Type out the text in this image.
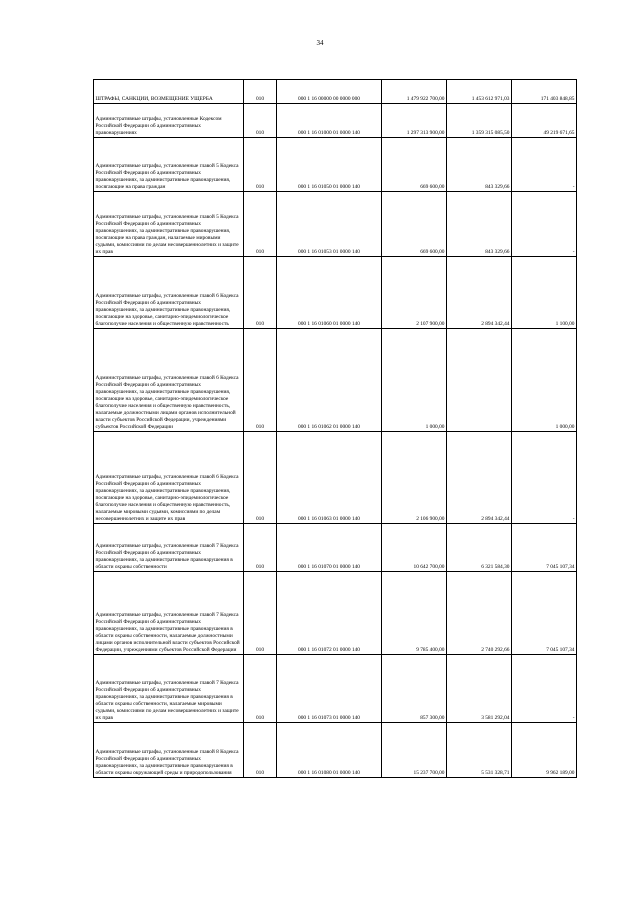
34
ШТРАФЫ, САНКЦИИ, ВОЗМЕЩЕНИЕ УЩЕРБА	010	000 1 16 00000 00 0000 000	1 479 922 700,00	1 453 612 971,03	171 403 848,85
Административные штрафы, установленные Кодексом Российской Федерации об административных правонарушениях	010	000 1 16 01000 01 0000 140	1 297 313 900,00	1 359 315 085,50	49 219 671,65
Административные штрафы, установленные главой 5 Кодекса Российской Федерации об административных правонарушениях, за административные правонарушения, посягающие на права граждан	010	000 1 16 01050 01 0000 140	669 600,00	843 329,66	-
Административные штрафы, установленные главой 5 Кодекса Российской Федерации об административных правонарушениях, за административные правонарушения, посягающие на права граждан, налагаемые мировыми судьями, комиссиями по делам несовершеннолетних и защите их прав	010	000 1 16 01053 01 0000 140	669 600,00	843 329,66	-
Административные штрафы, установленные главой 6 Кодекса Российской Федерации об административных правонарушениях, за административные правонарушения, посягающие на здоровье, санитарно-эпидемиологическое благополучие населения и общественную нравственность	010	000 1 16 01060 01 0000 140	2 107 900,00	2 894 342,44	1 100,00
Административные штрафы, установленные главой 6 Кодекса Российской Федерации об административных правонарушениях, за административные правонарушения, посягающие на здоровье, санитарно-эпидемиологическое благополучие населения и общественную нравственность, налагаемые должностными лицами органов исполнительной власти субъектов Российской Федерации, учреждениями субъектов Российской Федерации	010	000 1 16 01062 01 0000 140	1 000,00		1 000,00
Административные штрафы, установленные главой 6 Кодекса Российской Федерации об административных правонарушениях, за административные правонарушения, посягающие на здоровье, санитарно-эпидемиологическое благополучие населения и общественную нравственность, налагаемые мировыми судьями, комиссиями по делам несовершеннолетних и защите их прав	010	000 1 16 01063 01 0000 140	2 106 900,00	2 894 342,44	-
Административные штрафы, установленные главой 7 Кодекса Российской Федерации об административных правонарушениях, за административные правонарушения в области охраны собственности	010	000 1 16 01070 01 0000 140	10 642 700,00	6 321 584,30	7 045 107,34
Административные штрафы, установленные главой 7 Кодекса Российской Федерации об административных правонарушениях, за административные правонарушения в области охраны собственности, налагаемые должностными лицами органов исполнительной власти субъектов Российской Федерации, учреждениями субъектов Российской Федерации	010	000 1 16 01072 01 0000 140	9 785 400,00	2 740 292,66	7 045 107,34
Административные штрафы, установленные главой 7 Кодекса Российской Федерации об административных правонарушениях, за административные правонарушения в области охраны собственности, налагаемые мировыми судьями, комиссиями по делам несовершеннолетних и защите их прав	010	000 1 16 01073 01 0000 140	857 300,00	3 581 292,04	-
Административные штрафы, установленные главой 8 Кодекса Российской Федерации об административных правонарушениях, за административные правонарушения в области охраны окружающей среды и природопользования	010	000 1 16 01080 01 0000 140	15 237 700,00	5 531 328,71	9 962 189,00
